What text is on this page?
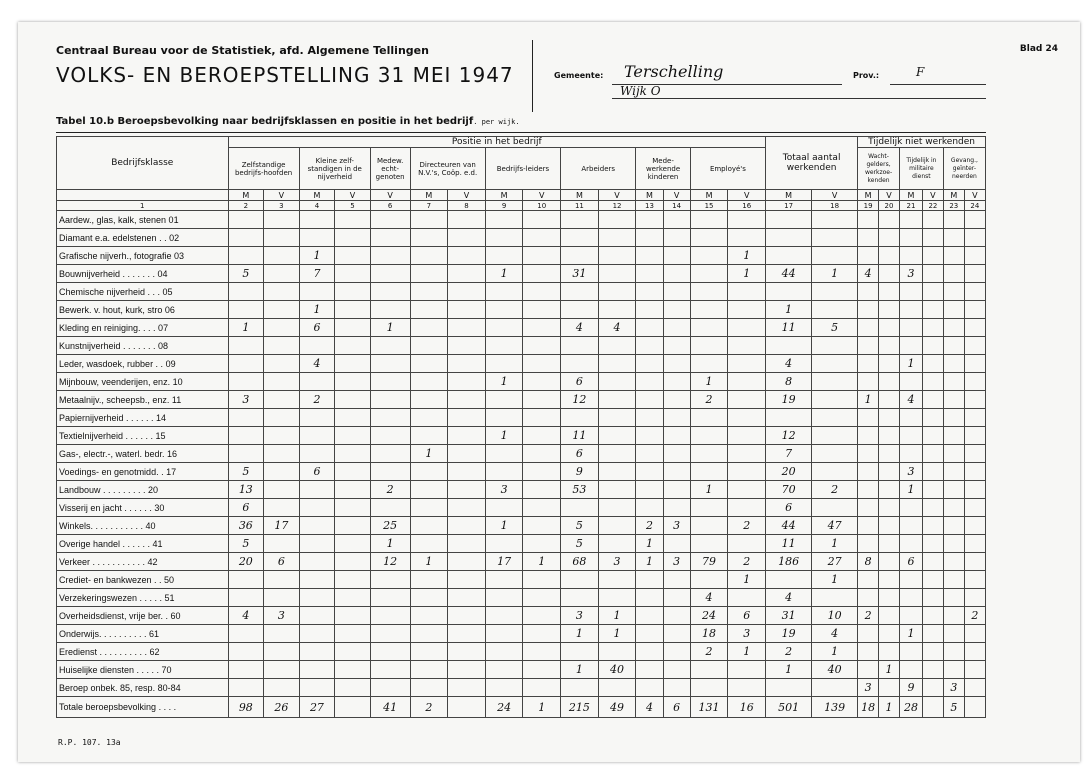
Centraal Bureau voor de Statistiek, afd. Algemene Tellingen
VOLKS- EN BEROEPSTELLING 31 MEI 1947
Blad 24
Gemeente: Terschelling
Wijk O
Prov.:	F
Tabel 10.b Beroepsbevolking naar bedrijfsklassen en positie in het bedrijf. per wijk.
R.P. 107. 13a
Bedrijfsklasse	Positie in het bedrijf															Totaal aantal werkenden		Tijdelijk niet werkenden					
	Zelfstandige bedrijfs-hoofden		Kleine zelf-standigen in de nijverheid		Medew. echt-genoten	Directeuren van N.V.'s, Coöp. e.d.		Bedrijfs-leiders		Arbeiders		Mede-werkende kinderen		Employé's				Wacht-gelders, werkzoe-kenden		Tijdelijk in militaire dienst		Gevang., geïnter-neerden	
	M	V	M	V	V	M	V	M	V	M	V	M	V	M	V	M	V	M	V	M	V	M	V
1	2	3	4	5	6	7	8	9	10	11	12	13	14	15	16	17	18	19	20	21	22	23	24
Aardew., glas, kalk, stenen 01																							
Diamant e.a. edelstenen . . 02																							
Grafische nijverh., fotografie 03			1												1								
Bouwnijverheid . . . . . . . 04	5		7					1		31					1	44	1	4		3			
Chemische nijverheid . . . 05																							
Bewerk. v. hout, kurk, stro 06			1													1							
Kleding en reiniging. . . . 07	1		6		1					4	4					11	5						
Kunstnijverheid . . . . . . . 08																							
Leder, wasdoek, rubber . . 09			4													4				1			
Mijnbouw, veenderijen, enz. 10								1		6				1		8							
Metaalnijv., scheepsb., enz. 11	3		2							12				2		19		1		4			
Papiernijverheid . . . . . . 14																							
Textielnijverheid . . . . . . 15								1		11						12							
Gas-, electr.-, waterl. bedr. 16						1				6						7							
Voedings- en genotmidd. . 17	5		6							9						20				3			
Landbouw . . . . . . . . . 20	13				2			3		53				1		70	2			1			
Visserij en jacht . . . . . . 30	6															6							
Winkels. . . . . . . . . . . 40	36	17			25			1		5		2	3		2	44	47						
Overige handel . . . . . . 41	5				1					5		1				11	1						
Verkeer . . . . . . . . . . . 42	20	6			12	1		17	1	68	3	1	3	79	2	186	27	8		6			
Crediet- en bankwezen . . 50															1		1						
Verzekeringswezen . . . . . 51														4		4							
Overheidsdienst, vrije ber. . 60	4	3								3	1			24	6	31	10	2					2
Onderwijs. . . . . . . . . . 61										1	1			18	3	19	4			1			
Eredienst . . . . . . . . . . 62														2	1	2	1						
Huiselijke diensten . . . . . 70										1	40					1	40		1				
Beroep onbek. 85, resp. 80-84																		3		9		3	
Totale beroepsbevolking . . . .	98	26	27		41	2		24	1	215	49	4	6	131	16	501	139	18	1	28		5	
